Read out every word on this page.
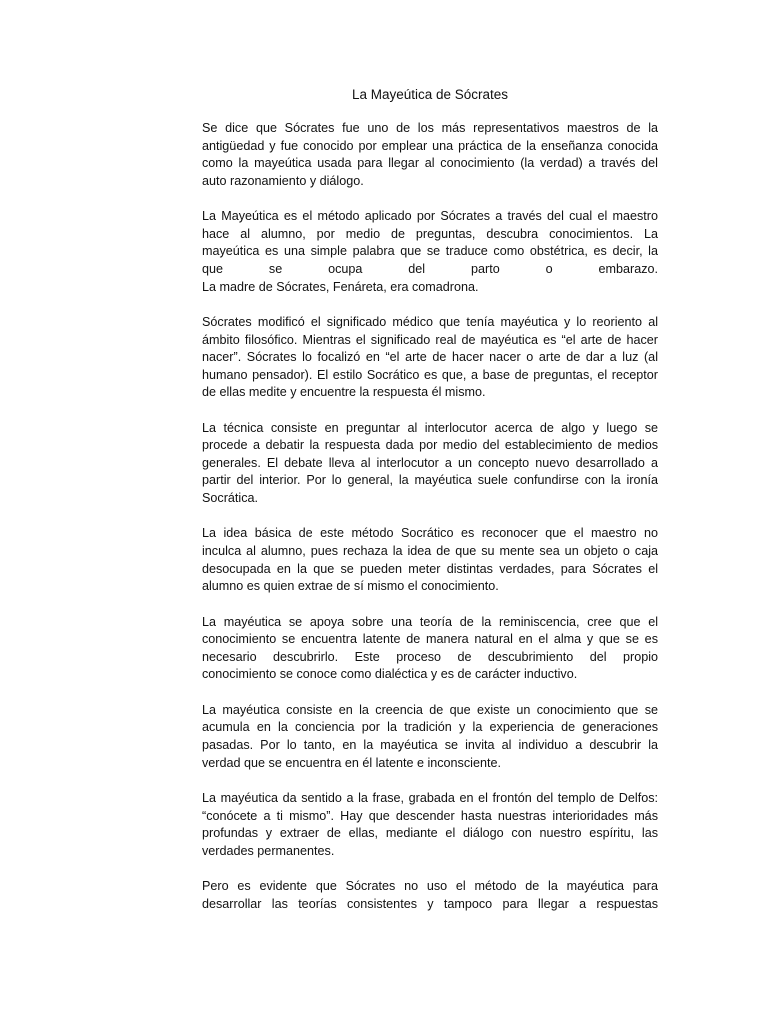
La Mayeútica de Sócrates
Se dice que Sócrates fue uno de los más representativos maestros de la
antigüedad y fue conocido por emplear una práctica de la enseñanza conocida
como la mayeútica usada para llegar al conocimiento (la verdad) a través del
auto razonamiento y diálogo.
La Mayeútica es el método aplicado por Sócrates a través del cual el maestro
hace al alumno, por medio de preguntas, descubra conocimientos. La
mayeútica es una simple palabra que se traduce como obstétrica, es decir, la
que se ocupa del parto o embarazo.
La madre de Sócrates, Fenáreta, era comadrona.
Sócrates modificó el significado médico que tenía mayéutica y lo reoriento al
ámbito filosófico. Mientras el significado real de mayéutica es “el arte de hacer
nacer”. Sócrates lo focalizó en “el arte de hacer nacer o arte de dar a luz (al
humano pensador). El estilo Socrático es que, a base de preguntas, el receptor
de ellas medite y encuentre la respuesta él mismo.
La técnica consiste en preguntar al interlocutor acerca de algo y luego se
procede a debatir la respuesta dada por medio del establecimiento de medios
generales. El debate lleva al interlocutor a un concepto nuevo desarrollado a
partir del interior. Por lo general, la mayéutica suele confundirse con la ironía
Socrática.
La idea básica de este método Socrático es reconocer que el maestro no
inculca al alumno, pues rechaza la idea de que su mente sea un objeto o caja
desocupada en la que se pueden meter distintas verdades, para Sócrates el
alumno es quien extrae de sí mismo el conocimiento.
La mayéutica se apoya sobre una teoría de la reminiscencia, cree que el
conocimiento se encuentra latente de manera natural en el alma y que se es
necesario descubrirlo. Este proceso de descubrimiento del propio
conocimiento se conoce como dialéctica y es de carácter inductivo.
La mayéutica consiste en la creencia de que existe un conocimiento que se
acumula en la conciencia por la tradición y la experiencia de generaciones
pasadas. Por lo tanto, en la mayéutica se invita al individuo a descubrir la
verdad que se encuentra en él latente e inconsciente.
La mayéutica da sentido a la frase, grabada en el frontón del templo de Delfos:
“conócete a ti mismo”. Hay que descender hasta nuestras interioridades más
profundas y extraer de ellas, mediante el diálogo con nuestro espíritu, las
verdades permanentes.
Pero es evidente que Sócrates no uso el método de la mayéutica para
desarrollar las teorías consistentes y tampoco para llegar a respuestas
